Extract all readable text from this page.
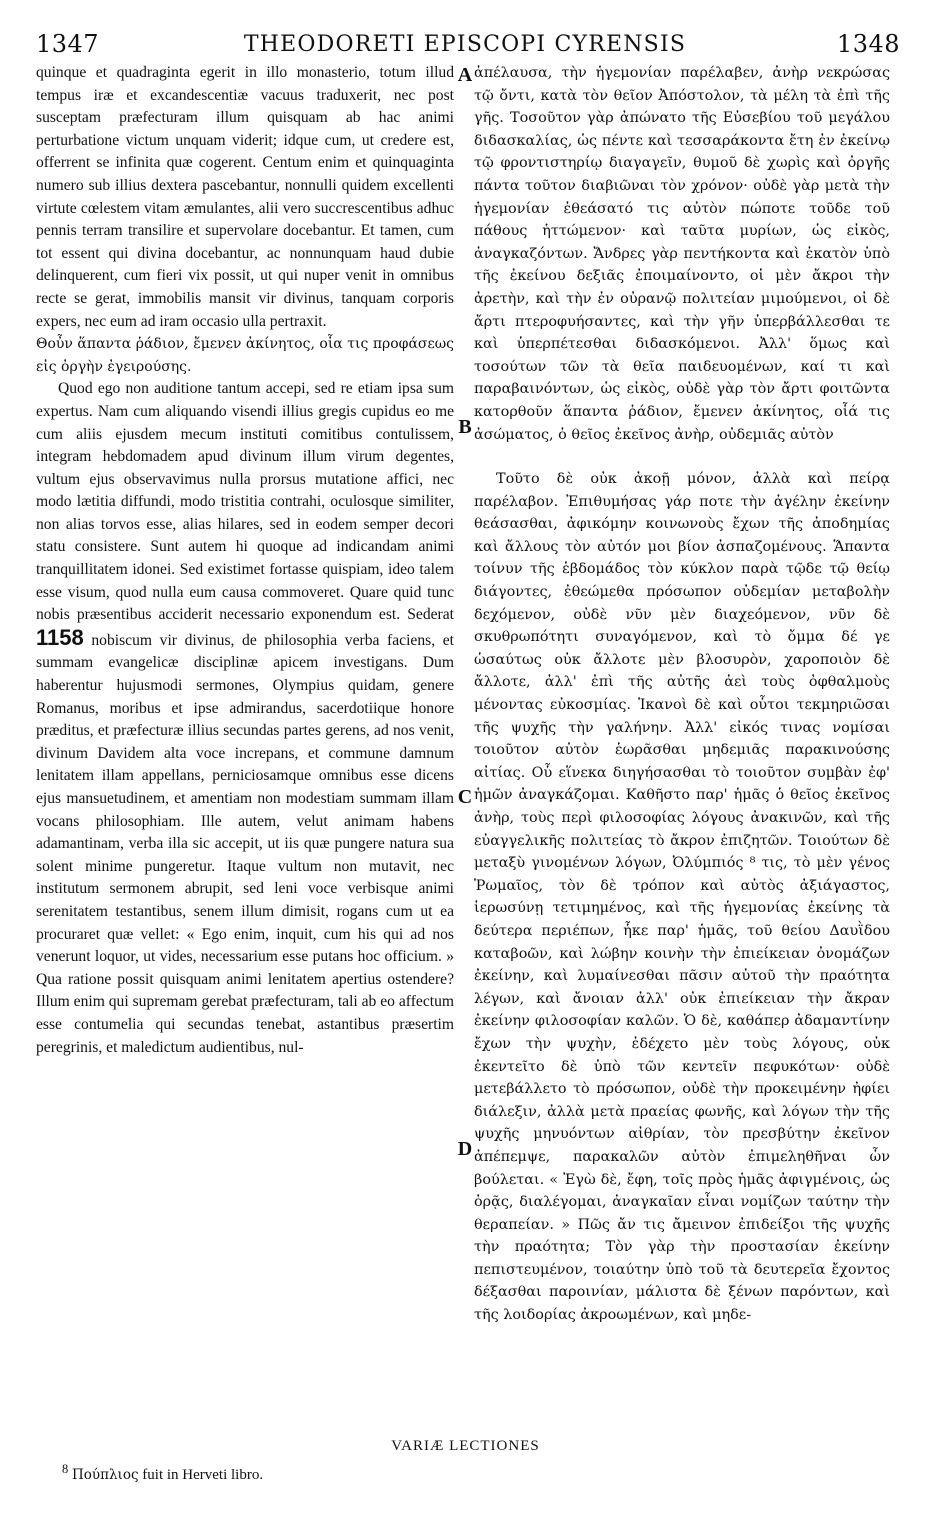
1347	THEODORETI EPISCOPI CYRENSIS	1348

quinque et quadraginta egerit in illo monasterio, totum illud tempus iræ et excandescentiæ vacuus traduxerit, nec post susceptam præfecturam illum quisquam ab hac animi perturbatione victum unquam viderit; idque cum, ut credere est, offerrent se infinita quæ cogerent. Centum enim et quinquaginta numero sub illius dextera pascebantur, nonnulli quidem excellenti virtute cœlestem vitam æmulantes, alii vero succrescentibus adhuc pennis terram transilire et supervolare docebantur. Et tamen, cum tot essent qui divina docebantur, ac nonnunquam haud dubie delinquerent, cum fieri vix possit, ut qui nuper venit in omnibus recte se gerat, immobilis mansit vir divinus, tanquam corporis expers, nec eum ad iram occasio ulla pertraxit.

Θοὖν ἅπαντα ῥάδιον, ἔμενεν ἀκίνητος, οἷα τις προφάσεως εἰς ὀργὴν ἐγειρούσης.

Quod ego non auditione tantum accepi, sed re etiam ipsa sum expertus. Nam cum aliquando visendi illius gregis cupidus eo me cum aliis ejusdem mecum instituti comitibus contulissem, integram hebdomadem apud divinum illum virum degentes, vultum ejus observavimus nulla prorsus mutatione affici, nec modo lætitia diffundi, modo tristitia contrahi, oculosque similiter, non alias torvos esse, alias hilares, sed in eodem semper decori statu consistere. Sunt autem hi quoque ad indicandam animi tranquillitatem idonei. Sed existimet fortasse quispiam, ideo talem esse visum, quod nulla eum causa commoveret. Quare quid tunc nobis præsentibus acciderit necessario exponendum est. Sederat 1158 nobiscum vir divinus, de philosophia verba faciens, et summam evangelicæ disciplinæ apicem investigans. Dum haberentur hujusmodi sermones, Olympius quidam, genere Romanus, moribus et ipse admirandus, sacerdotiique honore præditus, et præfecturæ illius secundas partes gerens, ad nos venit, divinum Davidem alta voce increpans, et commune damnum lenitatem illam appellans, perniciosamque omnibus esse dicens ejus mansuetudinem, et amentiam non modestiam summam illam vocans philosophiam. Ille autem, velut animam habens adamantinam, verba illa sic accepit, ut iis quæ pungere natura sua solent minime pungeretur. Itaque vultum non mutavit, nec institutum sermonem abrupit, sed leni voce verbisque animi serenitatem testantibus, senem illum dimisit, rogans cum ut ea procuraret quæ vellet: « Ego enim, inquit, cum his qui ad nos venerunt loquor, ut vides, necessarium esse putans hoc officium. » Qua ratione possit quisquam animi lenitatem apertius ostendere? Illum enim qui supremam gerebat præfecturam, tali ab eo affectum esse contumelia qui secundas tenebat, astantibus præsertim peregrinis, et maledictum audientibus, nul-

A
B
C
D

ἀπέλαυσα, τὴν ἡγεμονίαν παρέλαβεν, ἀνὴρ νεκρώσας τῷ ὄντι, κατὰ τὸν θεῖον Ἀπόστολον, τὰ μέλη τὰ ἐπὶ τῆς γῆς. Τοσοῦτον γὰρ ἀπώνατο τῆς Εὐσεβίου τοῦ μεγάλου διδασκαλίας, ὡς πέντε καὶ τεσσαράκοντα ἔτη ἐν ἐκείνῳ τῷ φροντιστηρίῳ διαγαγεῖν, θυμοῦ δὲ χωρὶς καὶ ὀργῆς πάντα τοῦτον διαβιῶναι τὸν χρόνον· οὐδὲ γὰρ μετὰ τὴν ἡγεμονίαν ἐθεάσατό τις αὐτὸν πώποτε τοῦδε τοῦ πάθους ἡττώμενον· καὶ ταῦτα μυρίων, ὡς εἰκὸς, ἀναγκαζόντων. Ἄνδρες γὰρ πεντήκοντα καὶ ἑκατὸν ὑπὸ τῆς ἐκείνου δεξιᾶς ἐποιμαίνοντο, οἱ μὲν ἄκροι τὴν ἀρετὴν, καὶ τὴν ἐν οὐρανῷ πολιτείαν μιμούμενοι, οἱ δὲ ἄρτι πτεροφυήσαντες, καὶ τὴν γῆν ὑπερβάλλεσθαι τε καὶ ὑπερπέτεσθαι διδασκόμενοι. Ἀλλ' ὅμως καὶ τοσούτων τῶν τὰ θεῖα παιδευομένων, καί τι καὶ παραβαινόντων, ὡς εἰκὸς, οὐδὲ γὰρ τὸν ἄρτι φοιτῶντα κατορθοῦν ἅπαντα ῥάδιον, ἔμενεν ἀκίνητος, οἷά τις ἀσώματος, ὁ θεῖος ἐκεῖνος ἀνὴρ, οὐδεμιᾶς αὐτὸν

Τοῦτο δὲ οὐκ ἀκοῇ μόνον, ἀλλὰ καὶ πείρᾳ παρέλαβον. Ἐπιθυμήσας γάρ ποτε τὴν ἀγέλην ἐκείνην θεάσασθαι, ἀφικόμην κοινωνοὺς ἔχων τῆς ἀποδημίας καὶ ἄλλους τὸν αὐτόν μοι βίον ἀσπαζομένους. Ἅπαντα τοίνυν τῆς ἑβδομάδος τὸν κύκλον παρὰ τῷδε τῷ θείῳ διάγοντες, ἐθεώμεθα πρόσωπον οὐδεμίαν μεταβολὴν δεχόμενον, οὐδὲ νῦν μὲν διαχεόμενον, νῦν δὲ σκυθρωπότητι συναγόμενον, καὶ τὸ ὄμμα δέ γε ὡσαύτως οὐκ ἄλλοτε μὲν βλοσυρὸν, χαροποιὸν δὲ ἄλλοτε, ἀλλ' ἐπὶ τῆς αὐτῆς ἀεὶ τοὺς ὀφθαλμοὺς μένοντας εὐκοσμίας. Ἱκανοὶ δὲ καὶ οὗτοι τεκμηριῶσαι τῆς ψυχῆς τὴν γαλήνην. Ἀλλ' εἰκός τινας νομίσαι τοιοῦτον αὐτὸν ἑωρᾶσθαι μηδεμιᾶς παρακινούσης αἰτίας. Οὗ εἵνεκα διηγήσασθαι τὸ τοιοῦτον συμβὰν ἐφ' ἡμῶν ἀναγκάζομαι. Καθῆστο παρ' ἡμᾶς ὁ θεῖος ἐκεῖνος ἀνὴρ, τοὺς περὶ φιλοσοφίας λόγους ἀνακινῶν, καὶ τῆς εὐαγγελικῆς πολιτείας τὸ ἄκρον ἐπιζητῶν. Τοιούτων δὲ μεταξὺ γινομένων λόγων, Ὀλύμπιός ⁸ τις, τὸ μὲν γένος Ῥωμαῖος, τὸν δὲ τρόπον καὶ αὐτὸς ἀξιάγαστος, ἱερωσύνῃ τετιμημένος, καὶ τῆς ἡγεμονίας ἐκείνης τὰ δεύτερα περιέπων, ἧκε παρ' ἡμᾶς, τοῦ θείου Δαυῒδου καταβοῶν, καὶ λώβην κοινὴν τὴν ἐπιείκειαν ὀνομάζων ἐκείνην, καὶ λυμαίνεσθαι πᾶσιν αὐτοῦ τὴν πραότητα λέγων, καὶ ἄνοιαν ἀλλ' οὐκ ἐπιείκειαν τὴν ἄκραν ἐκείνην φιλοσοφίαν καλῶν. Ὁ δὲ, καθάπερ ἀδαμαντίνην ἔχων τὴν ψυχὴν, ἐδέχετο μὲν τοὺς λόγους, οὐκ ἐκεντεῖτο δὲ ὑπὸ τῶν κεντεῖν πεφυκότων· οὐδὲ μετεβάλλετο τὸ πρόσωπον, οὐδὲ τὴν προκειμένην ἠφίει διάλεξιν, ἀλλὰ μετὰ πραείας φωνῆς, καὶ λόγων τὴν τῆς ψυχῆς μηνυόντων αἰθρίαν, τὸν πρεσβύτην ἐκεῖνον ἀπέπεμψε, παρακαλῶν αὐτὸν ἐπιμεληθῆναι ὧν βούλεται. « Ἐγὼ δὲ, ἔφη, τοῖς πρὸς ἡμᾶς ἀφιγμένοις, ὡς ὁρᾷς, διαλέγομαι, ἀναγκαῖαν εἶναι νομίζων ταύτην τὴν θεραπείαν. » Πῶς ἄν τις ἄμεινον ἐπιδείξοι τῆς ψυχῆς τὴν πραότητα; Τὸν γὰρ τὴν προστασίαν ἐκείνην πεπιστευμένον, τοιαύτην ὑπὸ τοῦ τὰ δευτερεῖα ἔχοντος δέξασθαι παροινίαν, μάλιστα δὲ ξένων παρόντων, καὶ τῆς λοιδορίας ἀκροωμένων, καὶ μηδε-

VARIÆ LECTIONES
$^8$ Πούπλιος fuit in Herveti libro.
